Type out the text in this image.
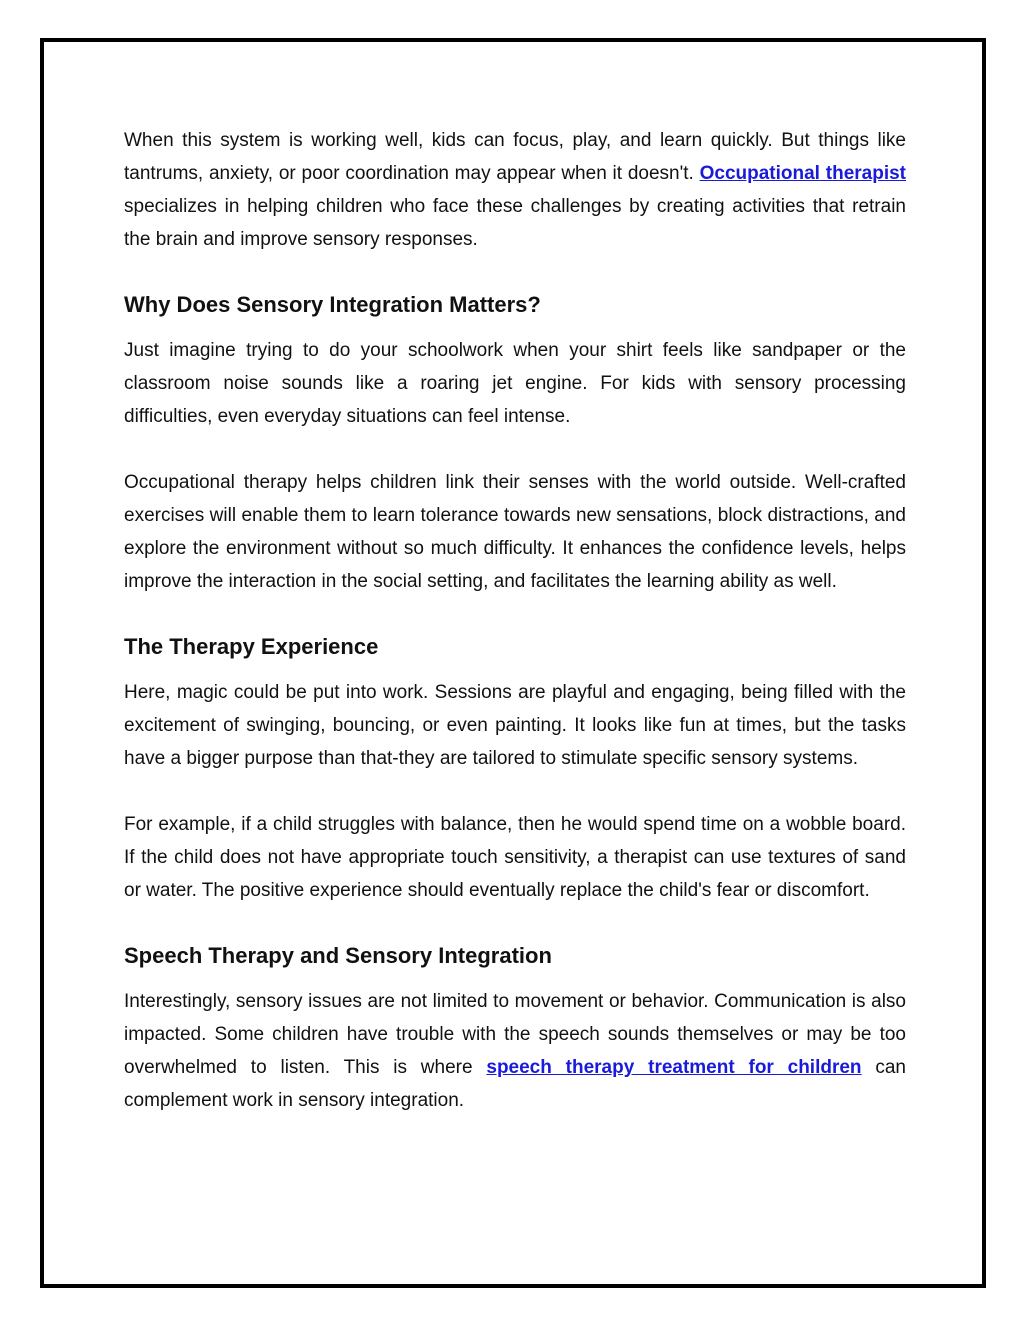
When this system is working well, kids can focus, play, and learn quickly. But things like tantrums, anxiety, or poor coordination may appear when it doesn't. Occupational therapist specializes in helping children who face these challenges by creating activities that retrain the brain and improve sensory responses.

Why Does Sensory Integration Matters?

Just imagine trying to do your schoolwork when your shirt feels like sandpaper or the classroom noise sounds like a roaring jet engine. For kids with sensory processing difficulties, even everyday situations can feel intense.

Occupational therapy helps children link their senses with the world outside. Well-crafted exercises will enable them to learn tolerance towards new sensations, block distractions, and explore the environment without so much difficulty. It enhances the confidence levels, helps improve the interaction in the social setting, and facilitates the learning ability as well.

The Therapy Experience

Here, magic could be put into work. Sessions are playful and engaging, being filled with the excitement of swinging, bouncing, or even painting. It looks like fun at times, but the tasks have a bigger purpose than that-they are tailored to stimulate specific sensory systems.

For example, if a child struggles with balance, then he would spend time on a wobble board. If the child does not have appropriate touch sensitivity, a therapist can use textures of sand or water. The positive experience should eventually replace the child's fear or discomfort.

Speech Therapy and Sensory Integration

Interestingly, sensory issues are not limited to movement or behavior. Communication is also impacted. Some children have trouble with the speech sounds themselves or may be too overwhelmed to listen. This is where speech therapy treatment for children can complement work in sensory integration.
